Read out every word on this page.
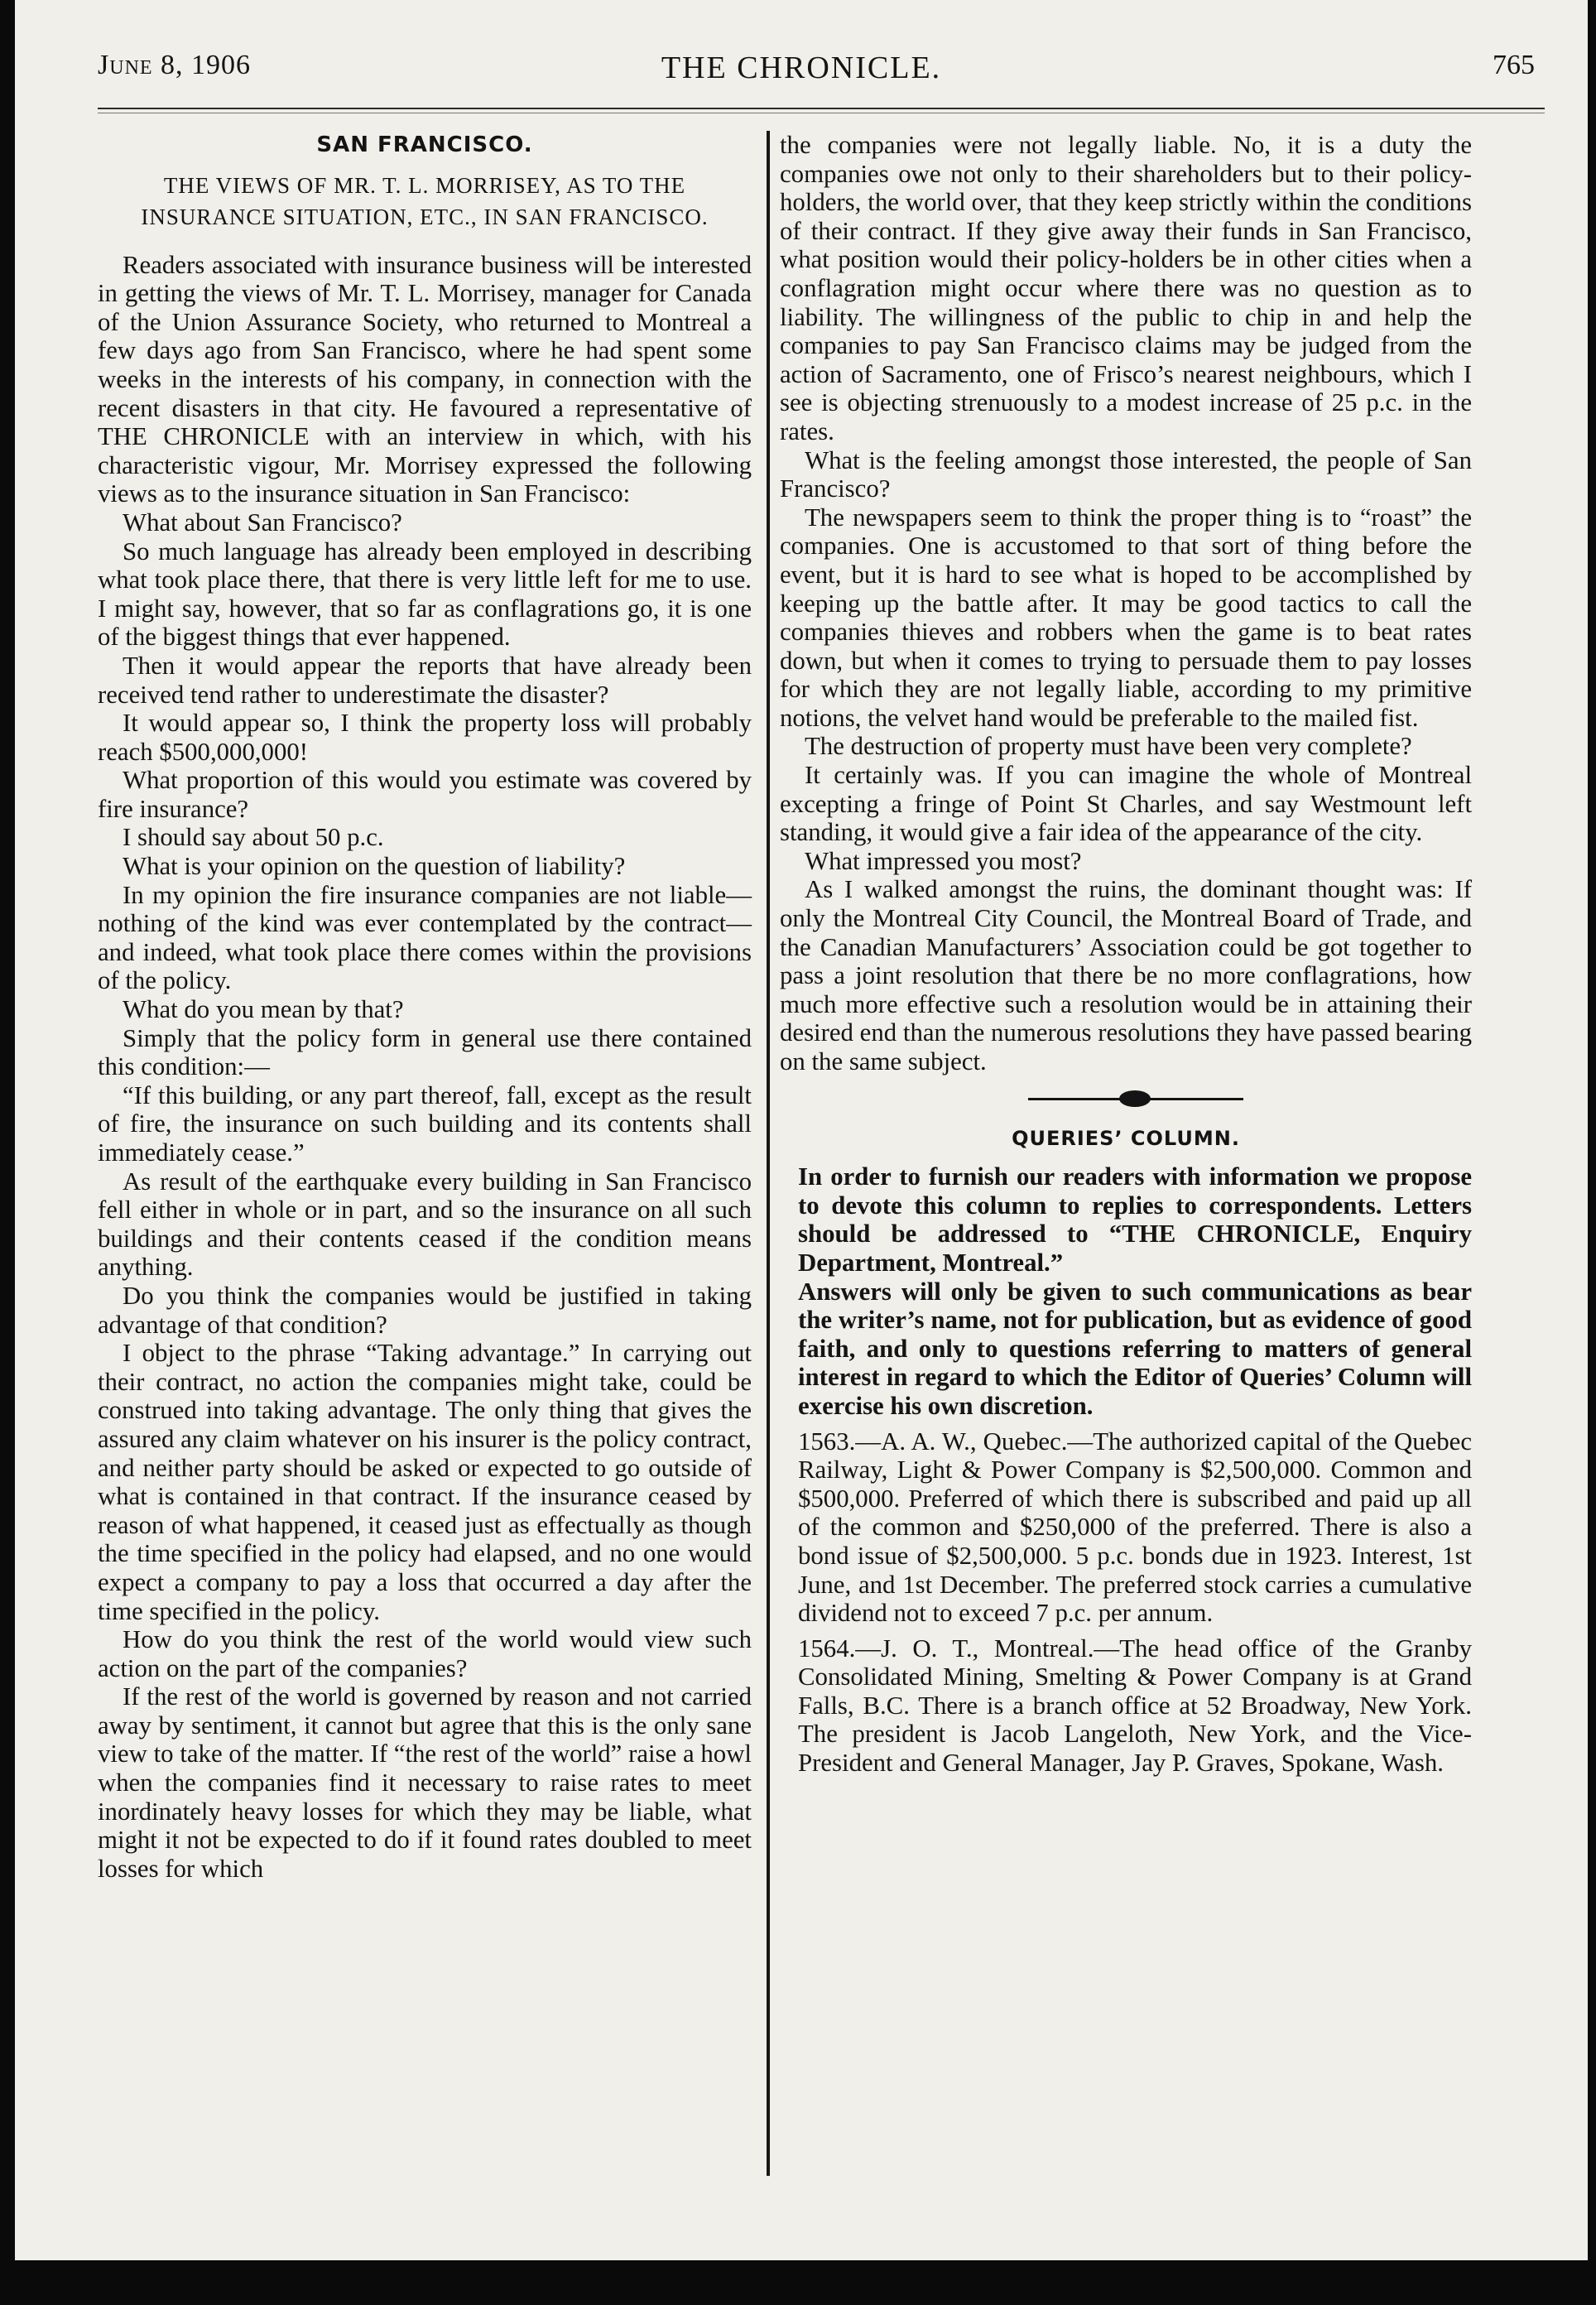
June 8, 1906	THE CHRONICLE.	765
SAN FRANCISCO.
THE VIEWS OF MR. T. L. MORRISEY, AS TO THE INSURANCE SITUATION, ETC., IN SAN FRANCISCO.

Readers associated with insurance business will be interested in getting the views of Mr. T. L. Morrisey, manager for Canada of the Union Assurance Society, who returned to Montreal a few days ago from San Francisco, where he had spent some weeks in the interests of his company, in connection with the recent disasters in that city. He favoured a representative of THE CHRONICLE with an interview in which, with his characteristic vigour, Mr. Morrisey expressed the following views as to the insurance situation in San Francisco:

What about San Francisco?

So much language has already been employed in describing what took place there, that there is very little left for me to use. I might say, however, that so far as conflagrations go, it is one of the biggest things that ever happened.

Then it would appear the reports that have already been received tend rather to underestimate the disaster?

It would appear so, I think the property loss will probably reach $500,000,000!

What proportion of this would you estimate was covered by fire insurance?

I should say about 50 p.c.

What is your opinion on the question of liability?

In my opinion the fire insurance companies are not liable—nothing of the kind was ever contemplated by the contract—and indeed, what took place there comes within the provisions of the policy.

What do you mean by that?

Simply that the policy form in general use there contained this condition:—

“If this building, or any part thereof, fall, except as the result of fire, the insurance on such building and its contents shall immediately cease.”

As result of the earthquake every building in San Francisco fell either in whole or in part, and so the insurance on all such buildings and their contents ceased if the condition means anything.

Do you think the companies would be justified in taking advantage of that condition?

I object to the phrase “Taking advantage.” In carrying out their contract, no action the companies might take, could be construed into taking advantage. The only thing that gives the assured any claim whatever on his insurer is the policy contract, and neither party should be asked or expected to go outside of what is contained in that contract. If the insurance ceased by reason of what happened, it ceased just as effectually as though the time specified in the policy had elapsed, and no one would expect a company to pay a loss that occurred a day after the time specified in the policy.

How do you think the rest of the world would view such action on the part of the companies?

If the rest of the world is governed by reason and not carried away by sentiment, it cannot but agree that this is the only sane view to take of the matter. If “the rest of the world” raise a howl when the companies find it necessary to raise rates to meet inordinately heavy losses for which they may be liable, what might it not be expected to do if it found rates doubled to meet losses for which

the companies were not legally liable. No, it is a duty the companies owe not only to their shareholders but to their policy-holders, the world over, that they keep strictly within the conditions of their contract. If they give away their funds in San Francisco, what position would their policy-holders be in other cities when a conflagration might occur where there was no question as to liability. The willingness of the public to chip in and help the companies to pay San Francisco claims may be judged from the action of Sacramento, one of Frisco’s nearest neighbours, which I see is objecting strenuously to a modest increase of 25 p.c. in the rates.

What is the feeling amongst those interested, the people of San Francisco?

The newspapers seem to think the proper thing is to “roast” the companies. One is accustomed to that sort of thing before the event, but it is hard to see what is hoped to be accomplished by keeping up the battle after. It may be good tactics to call the companies thieves and robbers when the game is to beat rates down, but when it comes to trying to persuade them to pay losses for which they are not legally liable, according to my primitive notions, the velvet hand would be preferable to the mailed fist.

The destruction of property must have been very complete?

It certainly was. If you can imagine the whole of Montreal excepting a fringe of Point St Charles, and say Westmount left standing, it would give a fair idea of the appearance of the city.

What impressed you most?

As I walked amongst the ruins, the dominant thought was: If only the Montreal City Council, the Montreal Board of Trade, and the Canadian Manufacturers’ Association could be got together to pass a joint resolution that there be no more conflagrations, how much more effective such a resolution would be in attaining their desired end than the numerous resolutions they have passed bearing on the same subject.

QUERIES’ COLUMN.

In order to furnish our readers with information we propose to devote this column to replies to correspondents. Letters should be addressed to “THE CHRONICLE, Enquiry Department, Montreal.”

Answers will only be given to such communications as bear the writer’s name, not for publication, but as evidence of good faith, and only to questions referring to matters of general interest in regard to which the Editor of Queries’ Column will exercise his own discretion.

1563.—A. A. W., Quebec.—The authorized capital of the Quebec Railway, Light & Power Company is $2,500,000. Common and $500,000. Preferred of which there is subscribed and paid up all of the common and $250,000 of the preferred. There is also a bond issue of $2,500,000. 5 p.c. bonds due in 1923. Interest, 1st June, and 1st December. The preferred stock carries a cumulative dividend not to exceed 7 p.c. per annum.

1564.—J. O. T., Montreal.—The head office of the Granby Consolidated Mining, Smelting & Power Company is at Grand Falls, B.C. There is a branch office at 52 Broadway, New York. The president is Jacob Langeloth, New York, and the Vice-President and General Manager, Jay P. Graves, Spokane, Wash.
